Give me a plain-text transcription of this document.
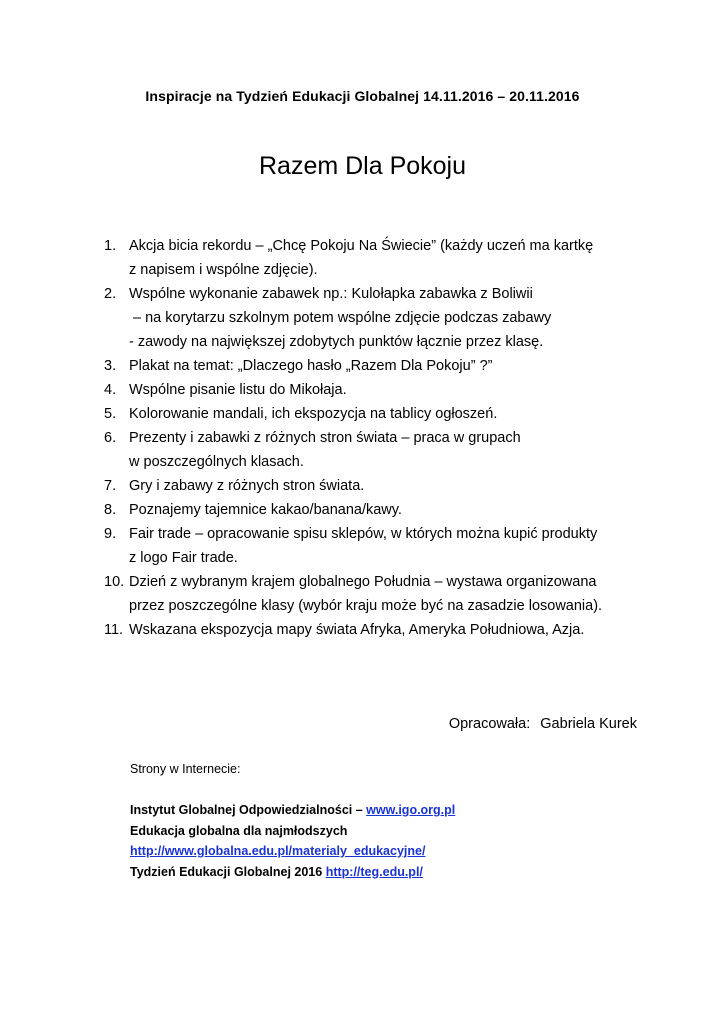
Inspiracje na Tydzień Edukacji Globalnej 14.11.2016 – 20.11.2016
Razem Dla Pokoju
1. Akcja bicia rekordu – „Chcę Pokoju Na Świecie” (każdy uczeń ma kartkę
z napisem i wspólne zdjęcie).
2. Wspólne wykonanie zabawek np.: Kulołapka zabawka z Boliwii
– na korytarzu szkolnym potem wspólne zdjęcie podczas zabawy
- zawody na największej zdobytych punktów łącznie przez klasę.
3. Plakat na temat: „Dlaczego hasło „Razem Dla Pokoju” ?”
4. Wspólne pisanie listu do Mikołaja.
5. Kolorowanie mandali, ich ekspozycja na tablicy ogłoszeń.
6. Prezenty i zabawki z różnych stron świata – praca w grupach
w poszczególnych klasach.
7. Gry i zabawy z różnych stron świata.
8. Poznajemy tajemnice kakao/banana/kawy.
9. Fair trade – opracowanie spisu sklepów, w których można kupić produkty
z logo Fair trade.
10. Dzień z wybranym krajem globalnego Południa – wystawa organizowana
przez poszczególne klasy (wybór kraju może być na zasadzie losowania).
11. Wskazana ekspozycja mapy świata Afryka, Ameryka Południowa, Azja.
Opracowała: Gabriela Kurek
Strony w Internecie:
Instytut Globalnej Odpowiedzialności – www.igo.org.pl
Edukacja globalna dla najmłodszych
http://www.globalna.edu.pl/materialy_edukacyjne/
Tydzień Edukacji Globalnej 2016 http://teg.edu.pl/
